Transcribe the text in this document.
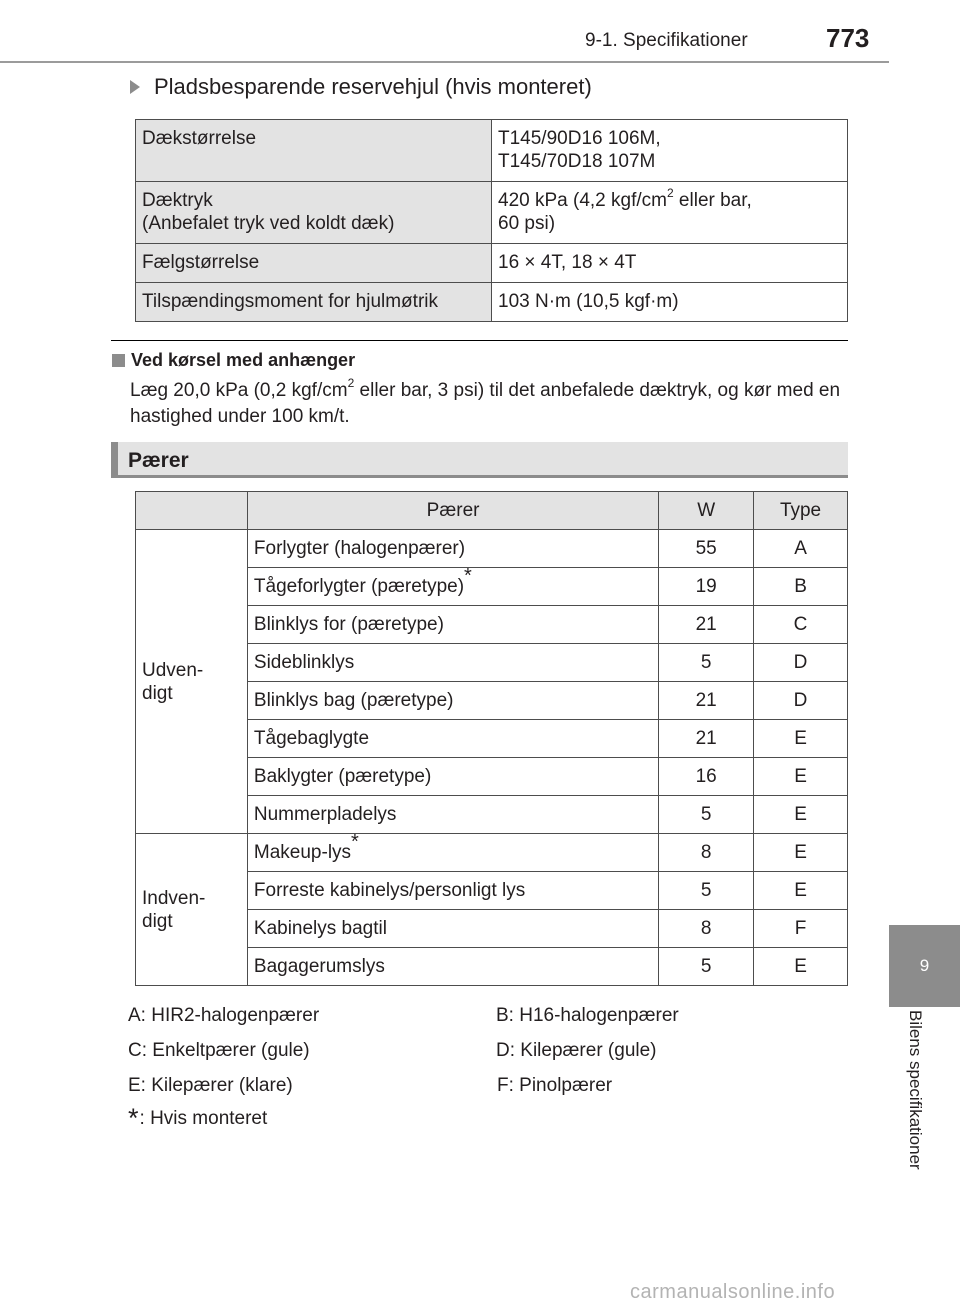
9-1. Specifikationer	773
9
Bilens specifikationer
Pladsbesparende reservehjul (hvis monteret)
Dækstørrelse	T145/90D16 106M,
T145/70D18 107M
Dæktryk
(Anbefalet tryk ved koldt dæk)	420 kPa (4,2 kgf/$cm^2$ eller bar,
60 psi)
Fælgstørrelse	16 × 4T, 18 × 4T
Tilspændingsmoment for hjulmøtrik	103 N·m (10,5 kgf·m)
Ved kørsel med anhænger
Læg 20,0 kPa (0,2 kgf/$cm^2$ eller bar, 3 psi) til det anbefalede dæktryk, og kør med en hastighed under 100 km/t.
Pærer
	Pærer	W	Type
Udven-
digt	Forlygter (halogenpærer)	55	A
	Tågeforlygter (pæretype)*	19	B
	Blinklys for (pæretype)	21	C
	Sideblinklys	5	D
	Blinklys bag (pæretype)	21	D
	Tågebaglygte	21	E
	Baklygter (pæretype)	16	E
	Nummerpladelys	5	E
Indven-
digt	Makeup-lys*	8	E
	Forreste kabinelys/personligt lys	5	E
	Kabinelys bagtil	8	F
	Bagagerumslys	5	E
A: HIR2-halogenpærer	B: H16-halogenpærer
C: Enkeltpærer (gule)	D: Kilepærer (gule)
E: Kilepærer (klare)	F: Pinolpærer
* : Hvis monteret
carmanualsonline.info
